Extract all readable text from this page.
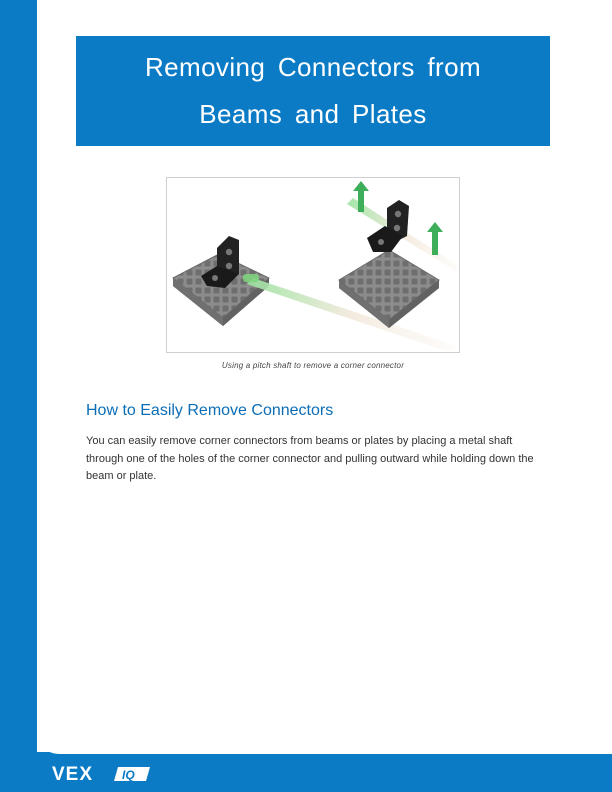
Removing Connectors from
Beams and Plates
Using a pitch shaft to remove a corner connector
How to Easily Remove Connectors

You can easily remove corner connectors from beams or plates by placing a metal shaft through one of the holes of the corner connector and pulling outward while holding down the beam or plate.

VEX IQ
